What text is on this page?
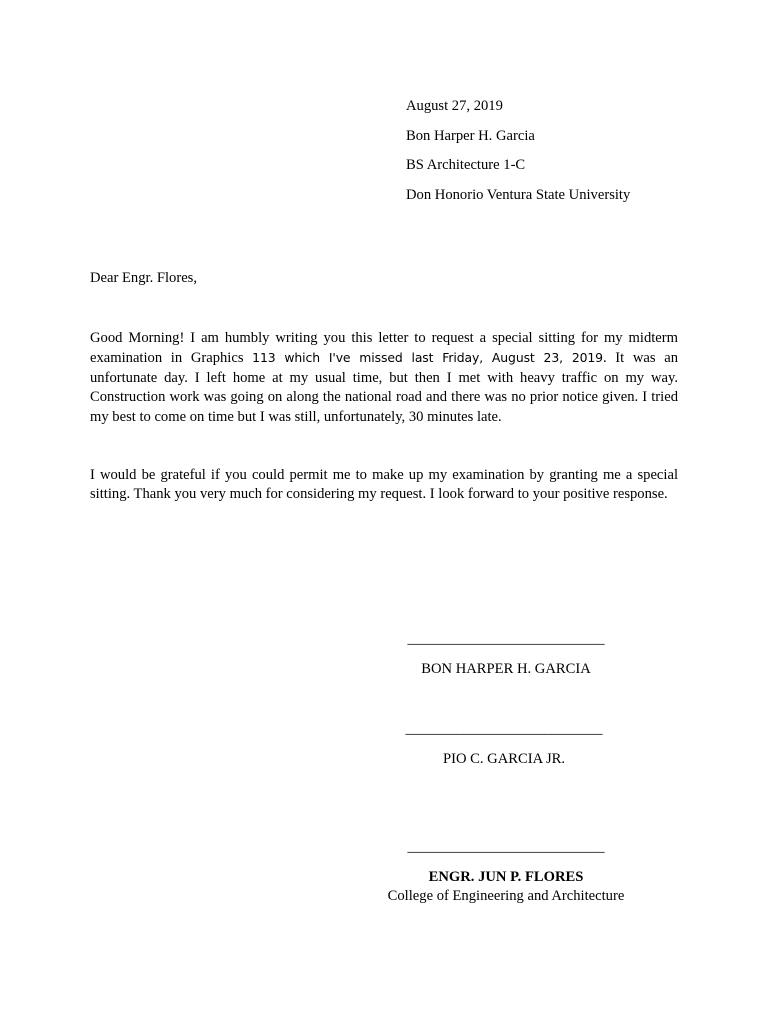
August 27, 2019
Bon Harper H. Garcia
BS Architecture 1-C
Don Honorio Ventura State University
Dear Engr. Flores,
Good Morning! I am humbly writing you this letter to request a special sitting for my midterm examination in Graphics 113 which I've missed last Friday, August 23, 2019. It was an unfortunate day. I left home at my usual time, but then I met with heavy traffic on my way. Construction work was going on along the national road and there was no prior notice given. I tried my best to come on time but I was still, unfortunately, 30 minutes late.
I would be grateful if you could permit me to make up my examination by granting me a special sitting. Thank you very much for considering my request. I look forward to your positive response.
___________________________
BON HARPER H. GARCIA
___________________________
PIO C. GARCIA JR.
___________________________
ENGR. JUN P. FLORES
College of Engineering and Architecture
